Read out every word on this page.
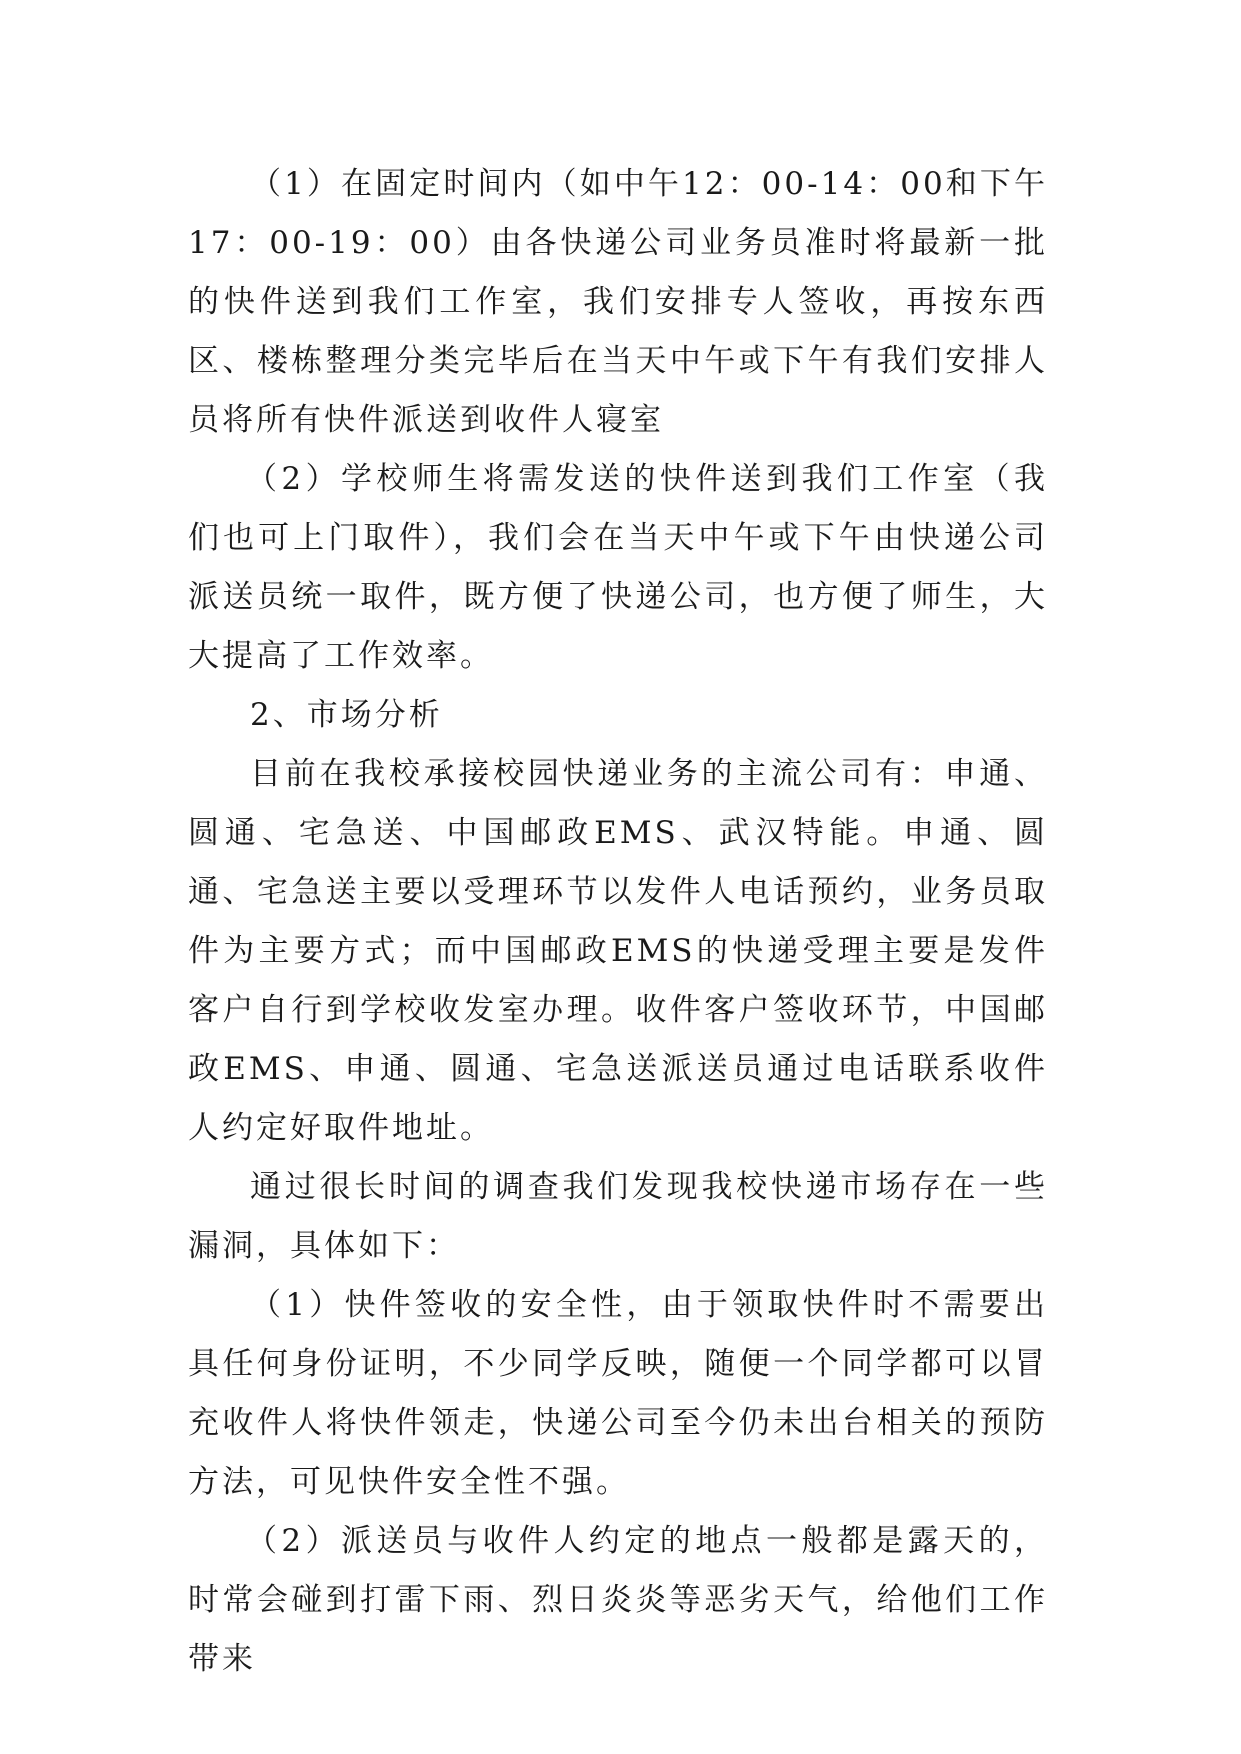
（1）在固定时间内（如中午12：00-14：00和下午17：00-19：00）由各快递公司业务员准时将最新一批的快件送到我们工作室，我们安排专人签收，再按东西区、楼栋整理分类完毕后在当天中午或下午有我们安排人员将所有快件派送到收件人寝室

（2）学校师生将需发送的快件送到我们工作室（我们也可上门取件），我们会在当天中午或下午由快递公司派送员统一取件，既方便了快递公司，也方便了师生，大大提高了工作效率。

2、市场分析

目前在我校承接校园快递业务的主流公司有：申通、圆通、宅急送、中国邮政EMS、武汉特能。申通、圆通、宅急送主要以受理环节以发件人电话预约，业务员取件为主要方式；而中国邮政EMS的快递受理主要是发件客户自行到学校收发室办理。收件客户签收环节，中国邮政EMS、申通、圆通、宅急送派送员通过电话联系收件人约定好取件地址。

通过很长时间的调查我们发现我校快递市场存在一些漏洞，具体如下：

（1）快件签收的安全性，由于领取快件时不需要出具任何身份证明，不少同学反映，随便一个同学都可以冒充收件人将快件领走，快递公司至今仍未出台相关的预防方法，可见快件安全性不强。

（2）派送员与收件人约定的地点一般都是露天的，时常会碰到打雷下雨、烈日炎炎等恶劣天气，给他们工作带来
